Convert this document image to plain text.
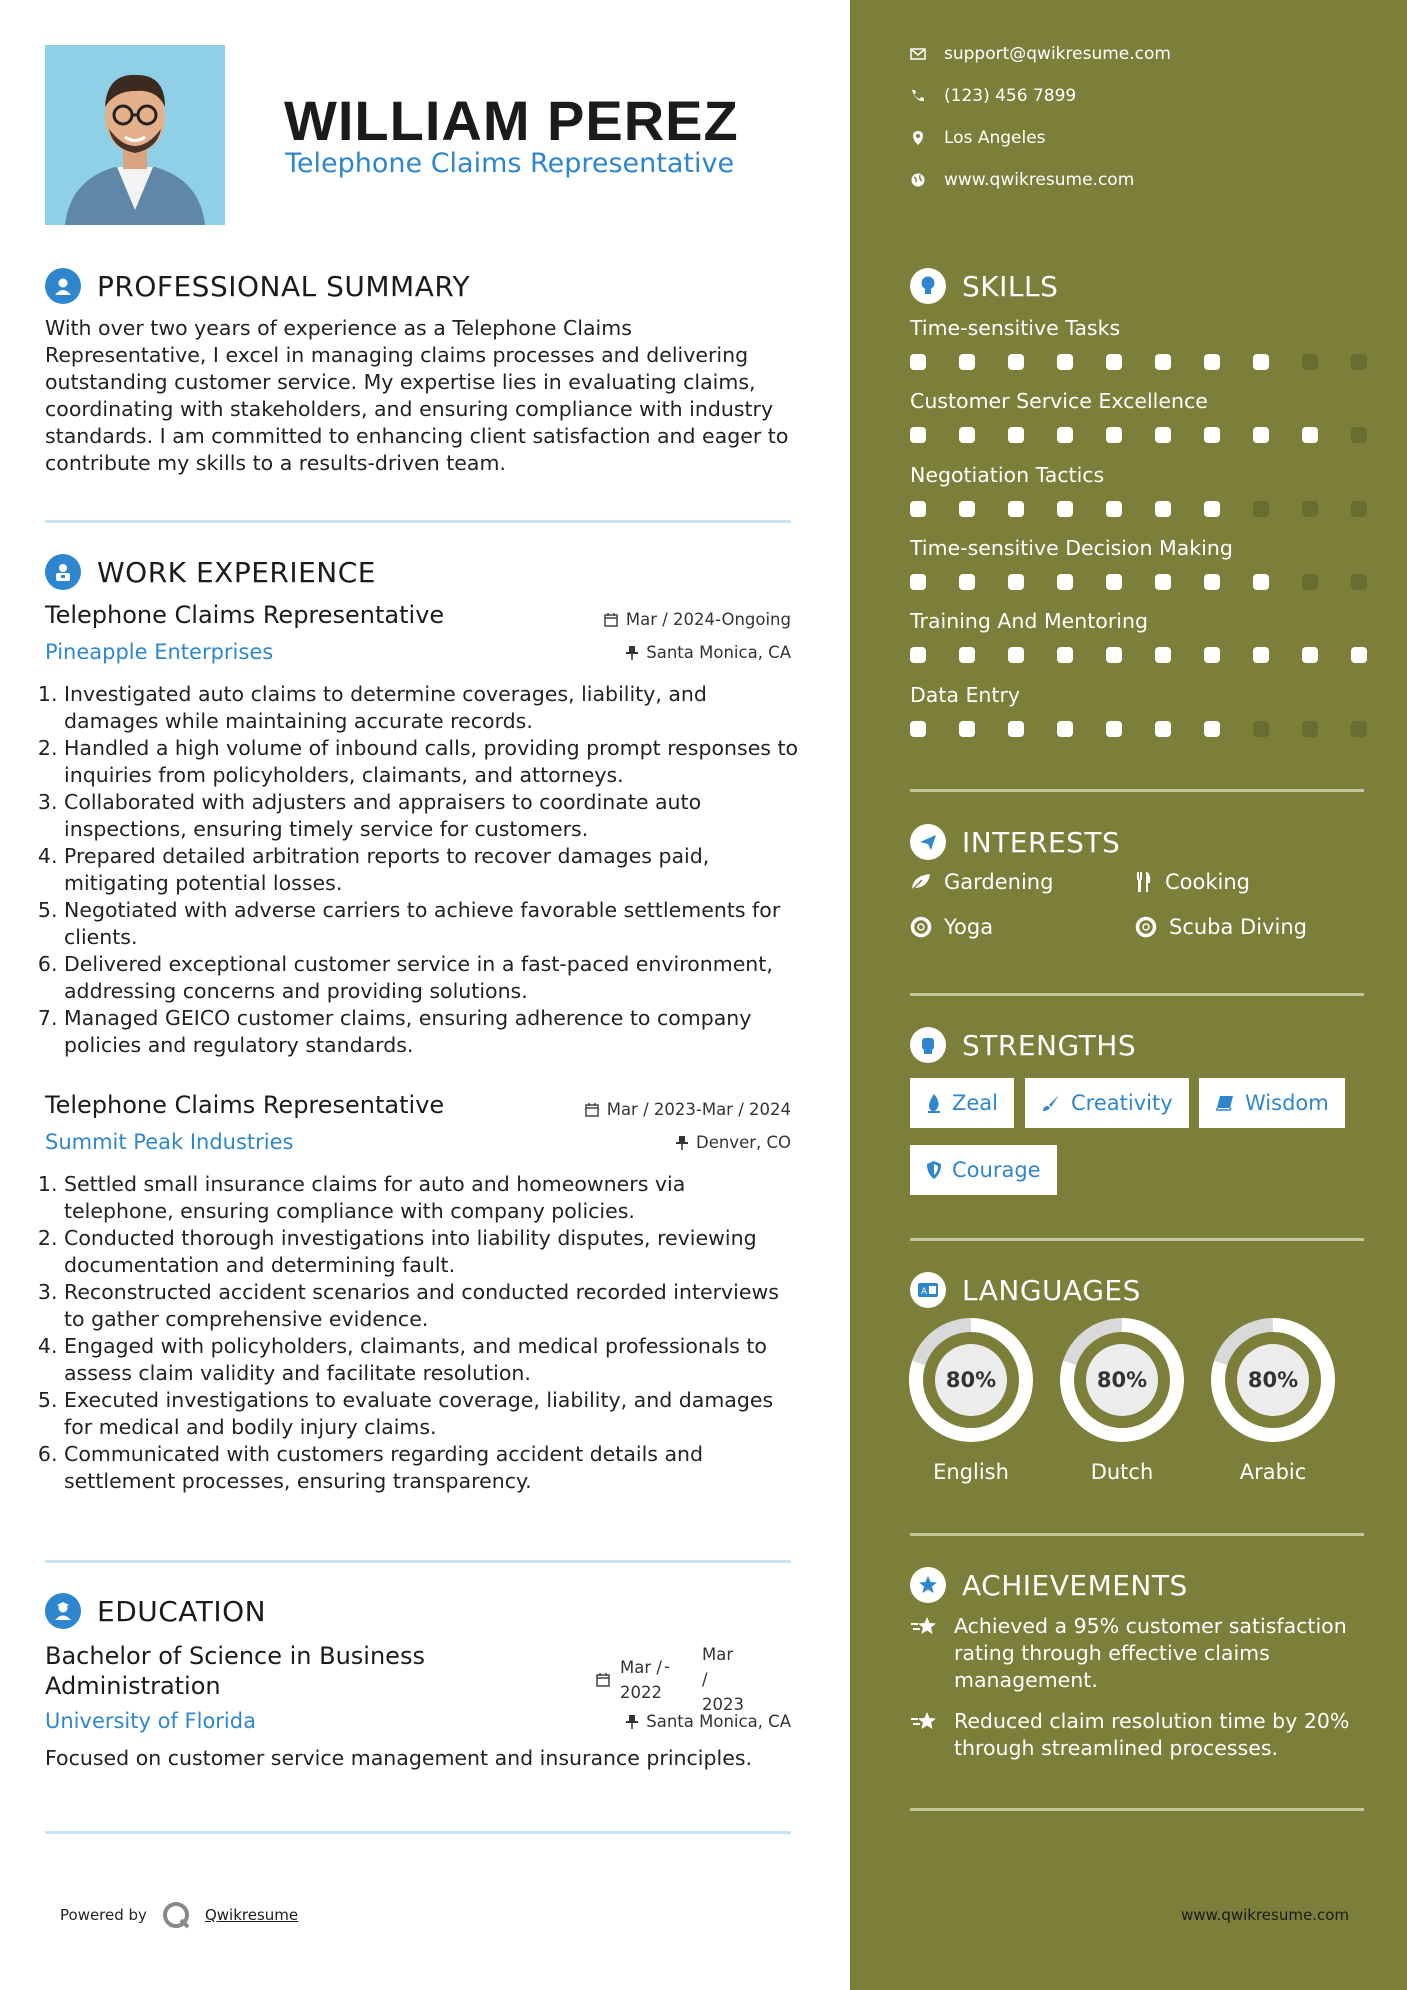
WILLIAM PEREZ
Telephone Claims Representative
PROFESSIONAL SUMMARY
With over two years of experience as a Telephone Claims Representative, I excel in managing claims processes and delivering outstanding customer service. My expertise lies in evaluating claims, coordinating with stakeholders, and ensuring compliance with industry standards. I am committed to enhancing client satisfaction and eager to contribute my skills to a results-driven team.
WORK EXPERIENCE
Telephone Claims Representative	Mar / 2024-Ongoing
Pineapple Enterprises	Santa Monica, CA
1. Investigated auto claims to determine coverages, liability, and damages while maintaining accurate records.
2. Handled a high volume of inbound calls, providing prompt responses to inquiries from policyholders, claimants, and attorneys.
3. Collaborated with adjusters and appraisers to coordinate auto inspections, ensuring timely service for customers.
4. Prepared detailed arbitration reports to recover damages paid, mitigating potential losses.
5. Negotiated with adverse carriers to achieve favorable settlements for clients.
6. Delivered exceptional customer service in a fast-paced environment, addressing concerns and providing solutions.
7. Managed GEICO customer claims, ensuring adherence to company policies and regulatory standards.
Telephone Claims Representative	Mar / 2023-Mar / 2024
Summit Peak Industries	Denver, CO
1. Settled small insurance claims for auto and homeowners via telephone, ensuring compliance with company policies.
2. Conducted thorough investigations into liability disputes, reviewing documentation and determining fault.
3. Reconstructed accident scenarios and conducted recorded interviews to gather comprehensive evidence.
4. Engaged with policyholders, claimants, and medical professionals to assess claim validity and facilitate resolution.
5. Executed investigations to evaluate coverage, liability, and damages for medical and bodily injury claims.
6. Communicated with customers regarding accident details and settlement processes, ensuring transparency.
EDUCATION
Bachelor of Science in Business Administration
Mar /
2022
-
Mar /
2023
University of Florida	Santa Monica, CA
Focused on customer service management and insurance principles.
Powered by	Qwikresume
support@qwikresume.com
(123) 456 7899
Los Angeles
www.qwikresume.com
SKILLS
Time-sensitive Tasks
Customer Service Excellence
Negotiation Tactics
Time-sensitive Decision Making
Training And Mentoring
Data Entry
INTERESTS
Gardening	Cooking
Yoga	Scuba Diving
STRENGTHS
Zeal	Creativity	Wisdom
Courage
A LANGUAGES
80%
English
80%
Dutch
80%
Arabic
ACHIEVEMENTS
Achieved a 95% customer satisfaction rating through effective claims management.
Reduced claim resolution time by 20% through streamlined processes.
www.qwikresume.com
